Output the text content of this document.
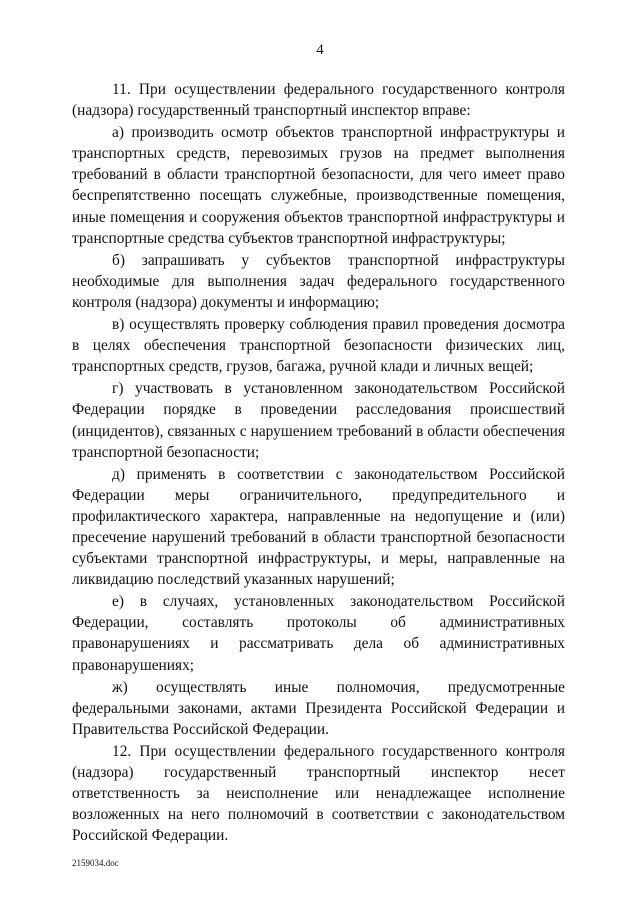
4

11. При осуществлении федерального государственного контроля (надзора) государственный транспортный инспектор вправе:

а) производить осмотр объектов транспортной инфраструктуры и транспортных средств, перевозимых грузов на предмет выполнения требований в области транспортной безопасности, для чего имеет право беспрепятственно посещать служебные, производственные помещения, иные помещения и сооружения объектов транспортной инфраструктуры и транспортные средства субъектов транспортной инфраструктуры;

б) запрашивать у субъектов транспортной инфраструктуры необходимые для выполнения задач федерального государственного контроля (надзора) документы и информацию;

в) осуществлять проверку соблюдения правил проведения досмотра в целях обеспечения транспортной безопасности физических лиц, транспортных средств, грузов, багажа, ручной клади и личных вещей;

г) участвовать в установленном законодательством Российской Федерации порядке в проведении расследования происшествий (инцидентов), связанных с нарушением требований в области обеспечения транспортной безопасности;

д) применять в соответствии с законодательством Российской Федерации меры ограничительного, предупредительного и профилактического характера, направленные на недопущение и (или) пресечение нарушений требований в области транспортной безопасности субъектами транспортной инфраструктуры, и меры, направленные на ликвидацию последствий указанных нарушений;

е) в случаях, установленных законодательством Российской Федерации, составлять протоколы об административных правонарушениях и рассматривать дела об административных правонарушениях;

ж) осуществлять иные полномочия, предусмотренные федеральными законами, актами Президента Российской Федерации и Правительства Российской Федерации.

12. При осуществлении федерального государственного контроля (надзора) государственный транспортный инспектор несет ответственность за неисполнение или ненадлежащее исполнение возложенных на него полномочий в соответствии с законодательством Российской Федерации.

2159034.doc
